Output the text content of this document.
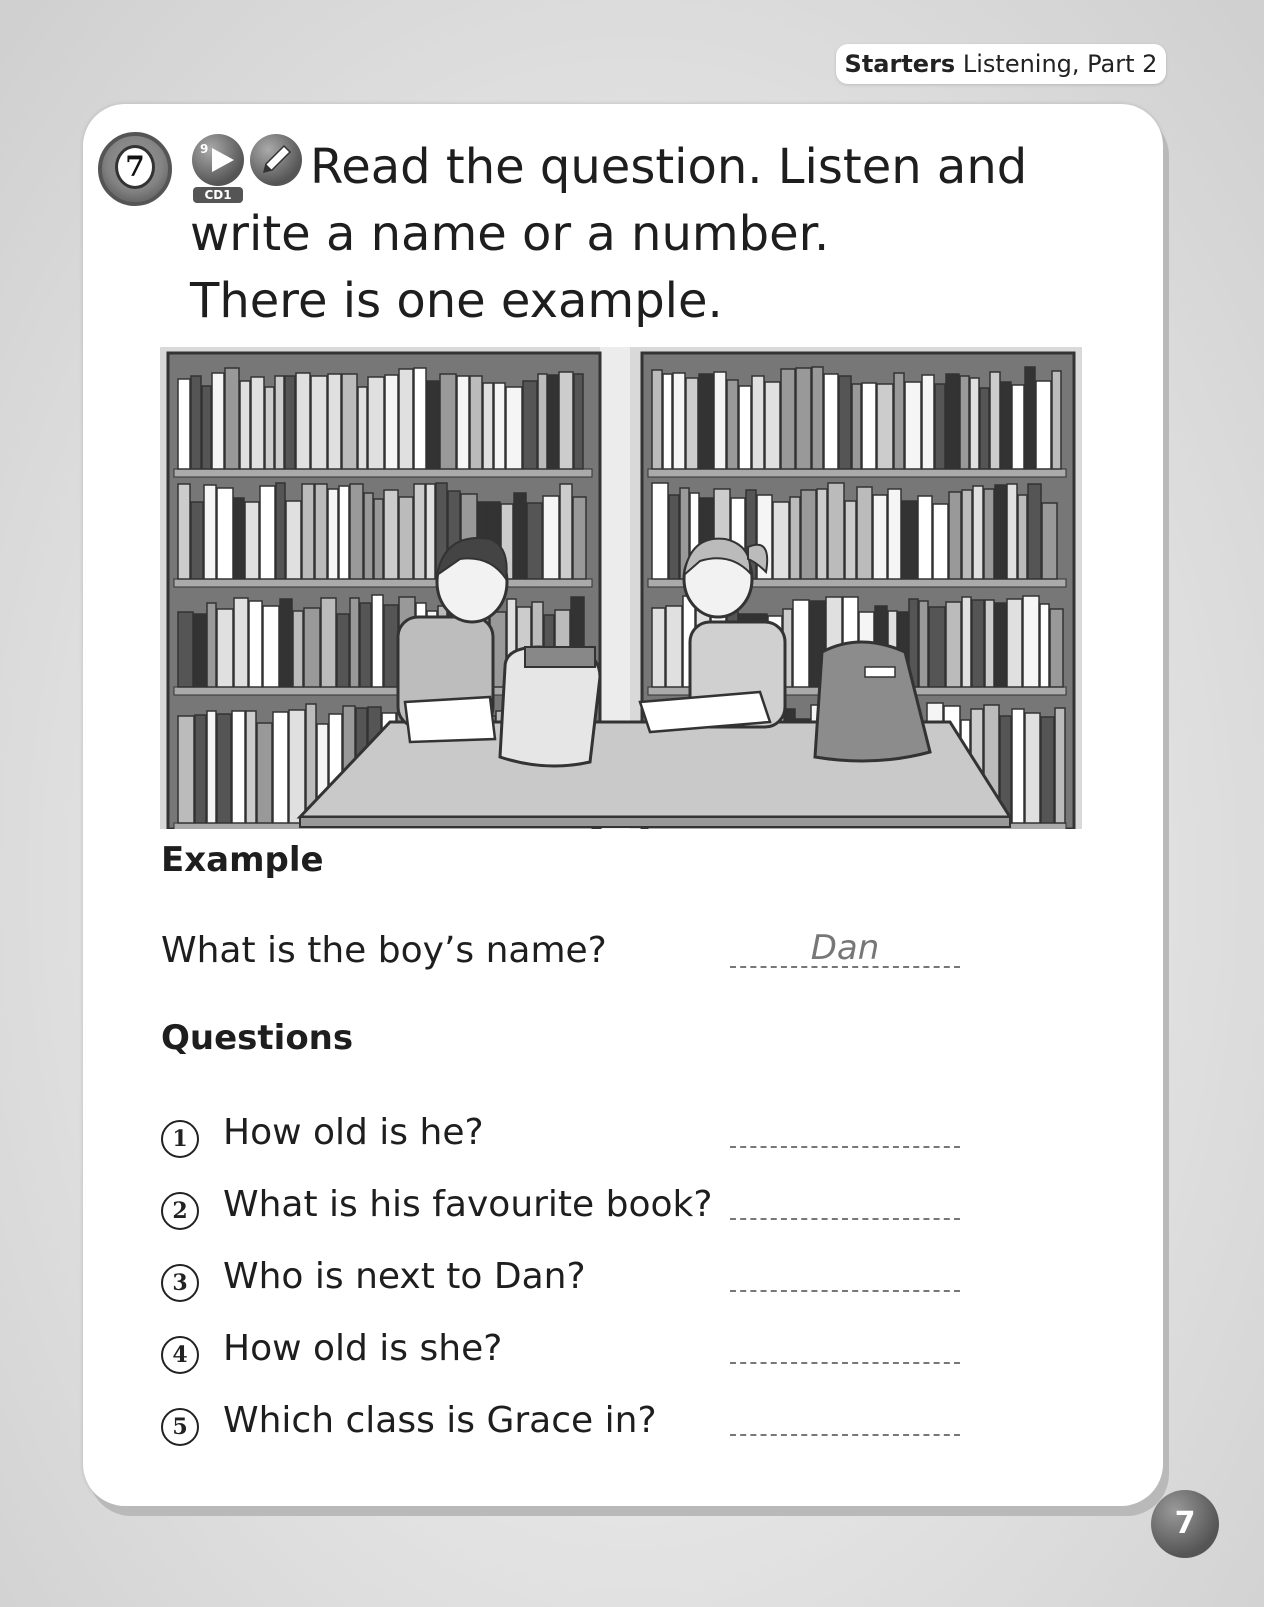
Starters Listening, Part 2
7
9
CD1	Read the question. Listen and
write a name or a number.
There is one example.
Example
What is the boy’s name?	Dan
Questions
1 How old is he?
2 What is his favourite book?
3 Who is next to Dan?
4 How old is she?
5 Which class is Grace in?
7
